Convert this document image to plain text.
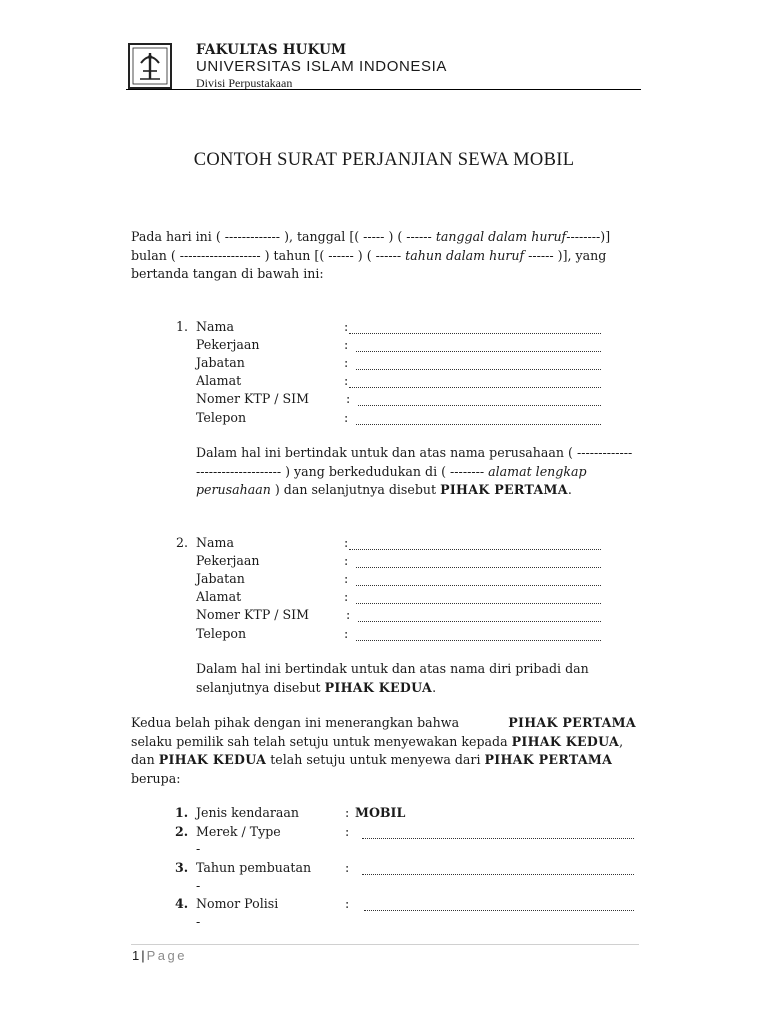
FAKULTAS HUKUM
UNIVERSITAS ISLAM INDONESIA
Divisi Perpustakaan
CONTOH SURAT PERJANJIAN SEWA MOBIL
Pada hari ini ( ------------- ), tanggal [( ----- ) ( ------ tanggal dalam huruf--------)]
bulan ( ------------------- ) tahun [( ------ ) ( ------ tahun dalam huruf ------ )], yang
bertanda tangan di bawah ini:
1. Nama	:
Pekerjaan	:
Jabatan	:
Alamat	:
Nomer KTP / SIM	:
Telepon	:
Dalam hal ini bertindak untuk dan atas nama perusahaan ( -------------
-------------------- ) yang berkedudukan di ( -------- alamat lengkap
perusahaan ) dan selanjutnya disebut PIHAK PERTAMA.
2. Nama	:
Pekerjaan	:
Jabatan	:
Alamat	:
Nomer KTP / SIM	:
Telepon	:
Dalam hal ini bertindak untuk dan atas nama diri pribadi dan
selanjutnya disebut PIHAK KEDUA.
Kedua belah pihak dengan ini menerangkan bahwa	PIHAK PERTAMA
selaku pemilik sah telah setuju untuk menyewakan kepada PIHAK KEDUA,
dan PIHAK KEDUA telah setuju untuk menyewa dari PIHAK PERTAMA
berupa:
1. Jenis kendaraan	: MOBIL
2. Merek / Type	:
-
3. Tahun pembuatan	:
-
4. Nomor Polisi	:
-
1 | Page
